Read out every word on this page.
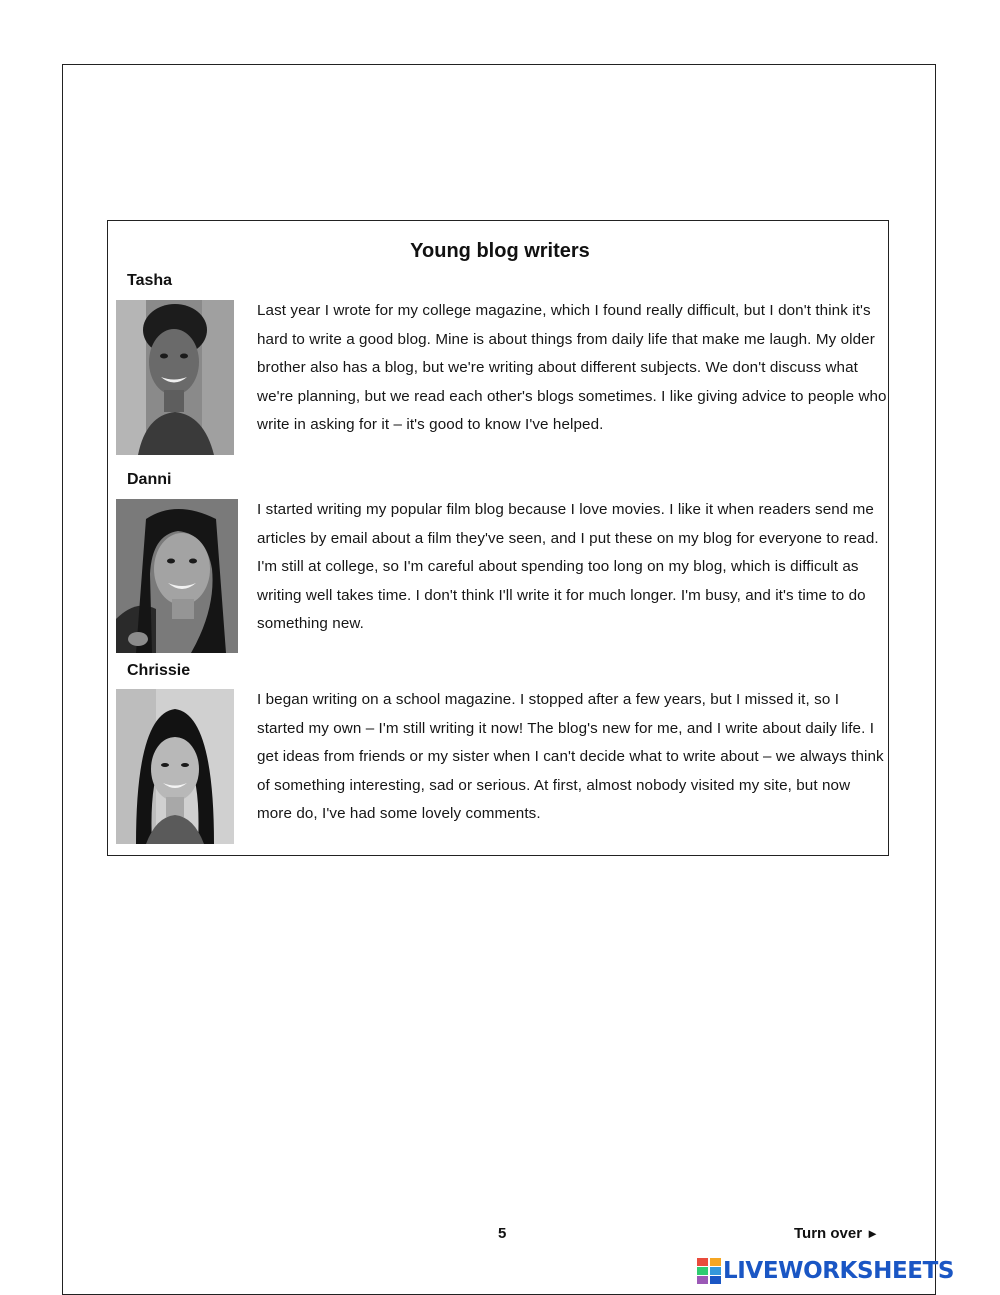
Young blog writers
Tasha

Last year I wrote for my college magazine, which I found really difficult, but I don't think it's hard to write a good blog. Mine is about things from daily life that make me laugh. My older brother also has a blog, but we're writing about different subjects. We don't discuss what we're planning, but we read each other's blogs sometimes. I like giving advice to people who write in asking for it – it's good to know I've helped.

Danni

I started writing my popular film blog because I love movies. I like it when readers send me articles by email about a film they've seen, and I put these on my blog for everyone to read. I'm still at college, so I'm careful about spending too long on my blog, which is difficult as writing well takes time. I don't think I'll write it for much longer. I'm busy, and it's time to do something new.

Chrissie

I began writing on a school magazine. I stopped after a few years, but I missed it, so I started my own – I'm still writing it now! The blog's new for me, and I write about daily life. I get ideas from friends or my sister when I can't decide what to write about – we always think of something interesting, sad or serious. At first, almost nobody visited my site, but now more do, I've had some lovely comments.

5	Turn over ►
LIVEWORKSHEETS
